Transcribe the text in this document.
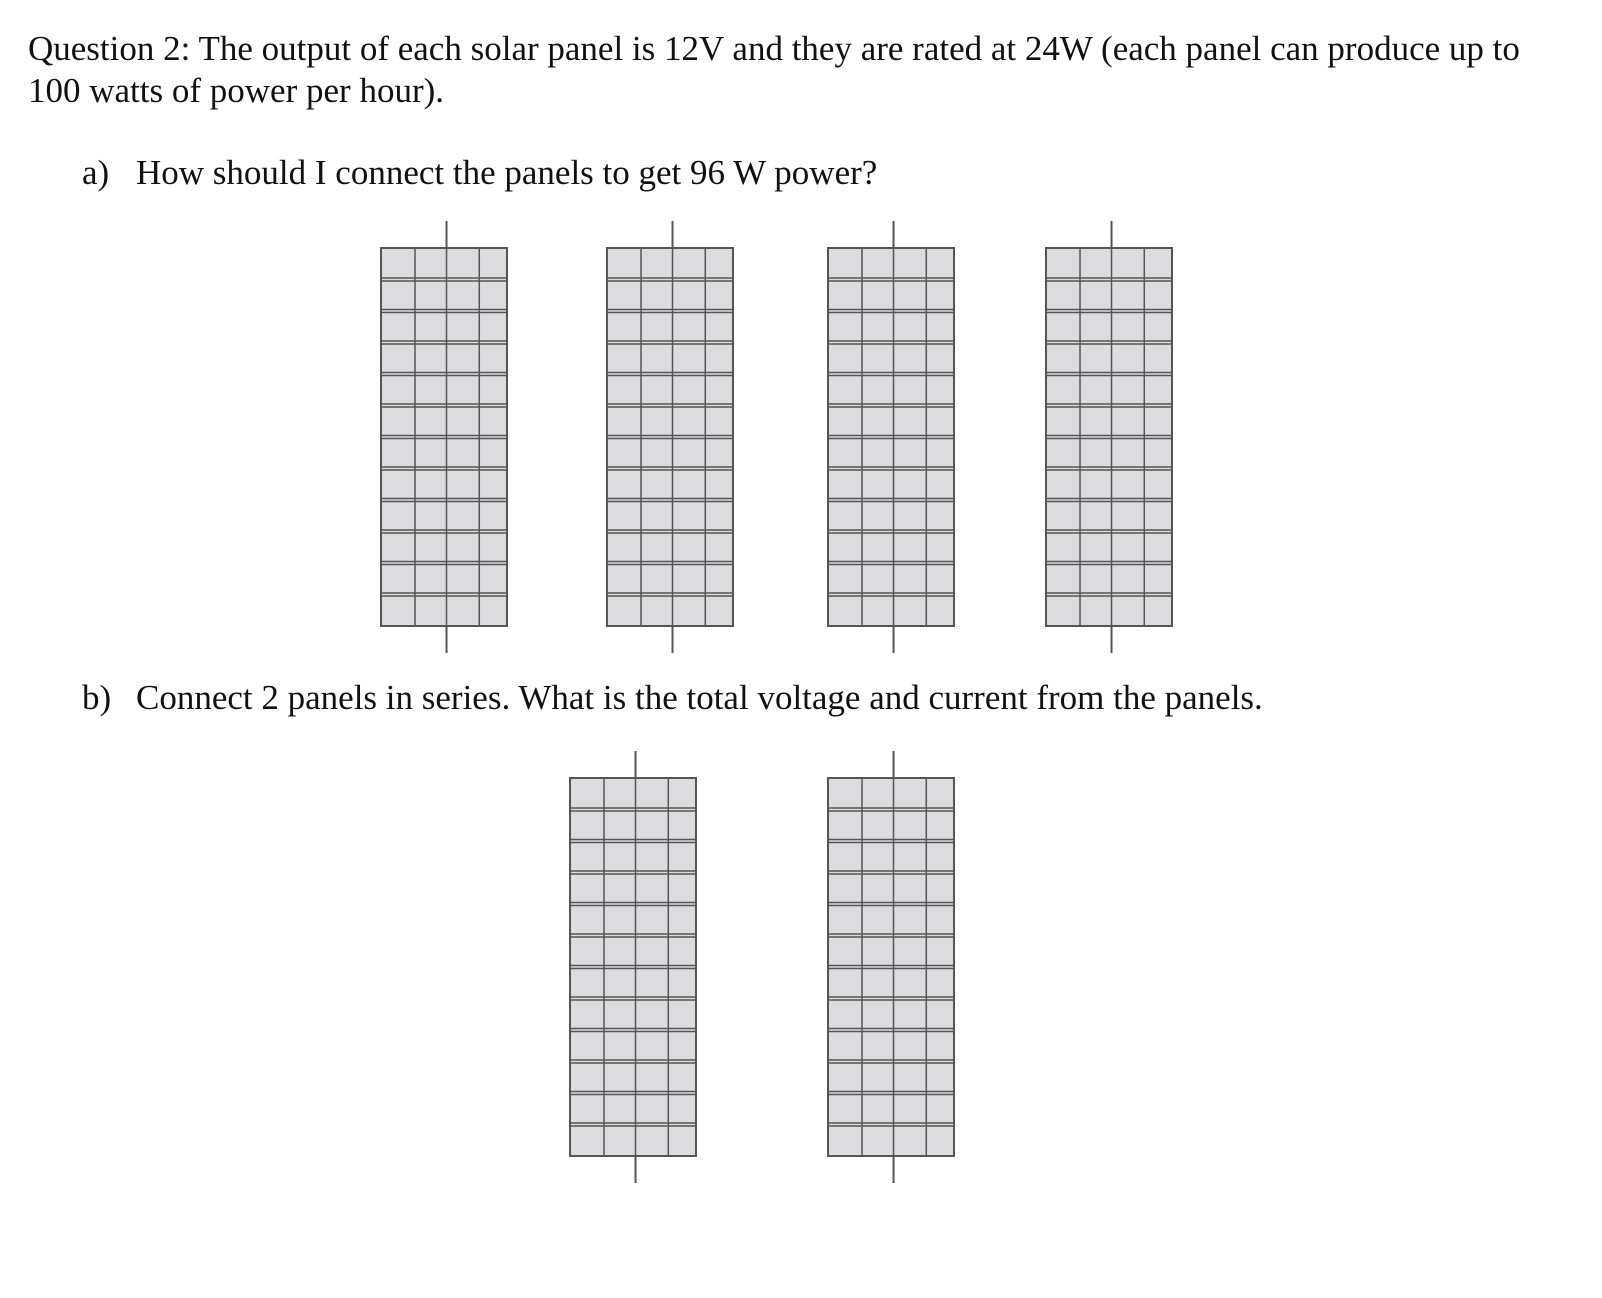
Question 2: The output of each solar panel is 12V and they are rated at 24W (each panel can produce up to 100 watts of power per hour).

a) How should I connect the panels to get 96 W power?
b) Connect 2 panels in series. What is the total voltage and current from the panels.
